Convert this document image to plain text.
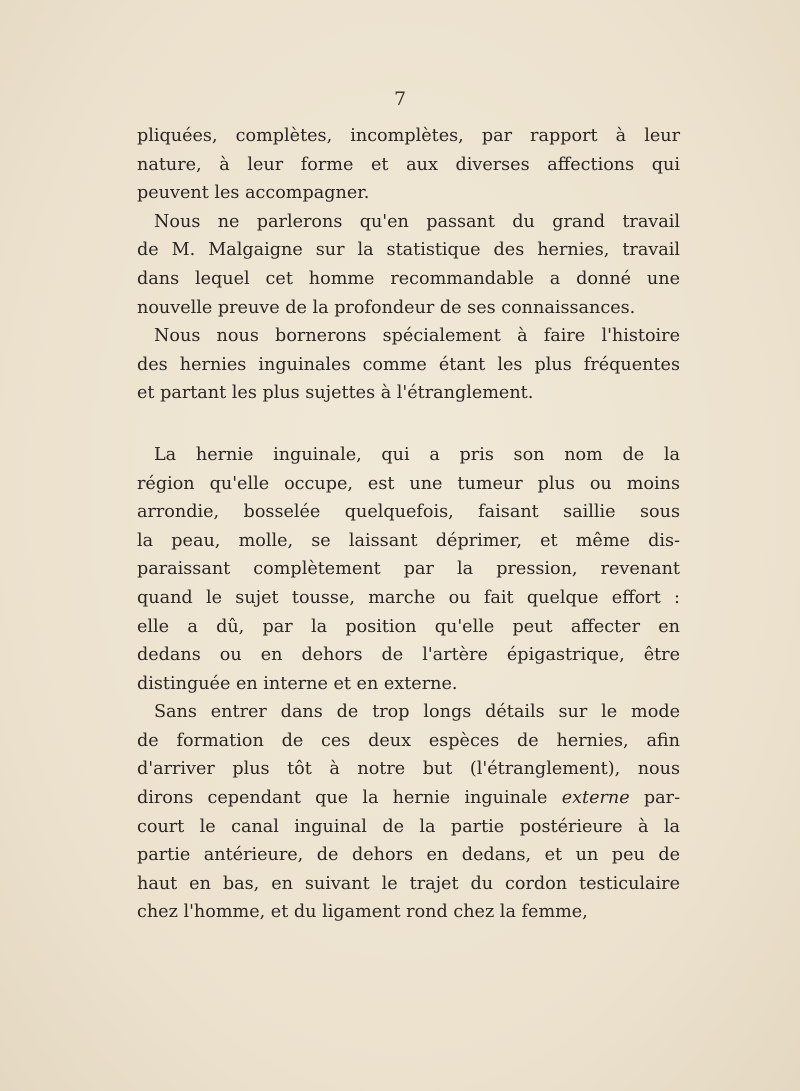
7
pliquées, complètes, incomplètes, par rapport à leur
nature, à leur forme et aux diverses affections qui
peuvent les accompagner.
Nous ne parlerons qu'en passant du grand travail
de M. Malgaigne sur la statistique des hernies, travail
dans lequel cet homme recommandable a donné une
nouvelle preuve de la profondeur de ses connaissances.
Nous nous bornerons spécialement à faire l'histoire
des hernies inguinales comme étant les plus fréquentes
et partant les plus sujettes à l'étranglement.
La hernie inguinale, qui a pris son nom de la
région qu'elle occupe, est une tumeur plus ou moins
arrondie, bosselée quelquefois, faisant saillie sous
la peau, molle, se laissant déprimer, et même dis-
paraissant complètement par la pression, revenant
quand le sujet tousse, marche ou fait quelque effort :
elle a dû, par la position qu'elle peut affecter en
dedans ou en dehors de l'artère épigastrique, être
distinguée en interne et en externe.
Sans entrer dans de trop longs détails sur le mode
de formation de ces deux espèces de hernies, afin
d'arriver plus tôt à notre but (l'étranglement), nous
dirons cependant que la hernie inguinale externe par-
court le canal inguinal de la partie postérieure à la
partie antérieure, de dehors en dedans, et un peu de
haut en bas, en suivant le trajet du cordon testiculaire
chez l'homme, et du ligament rond chez la femme,
